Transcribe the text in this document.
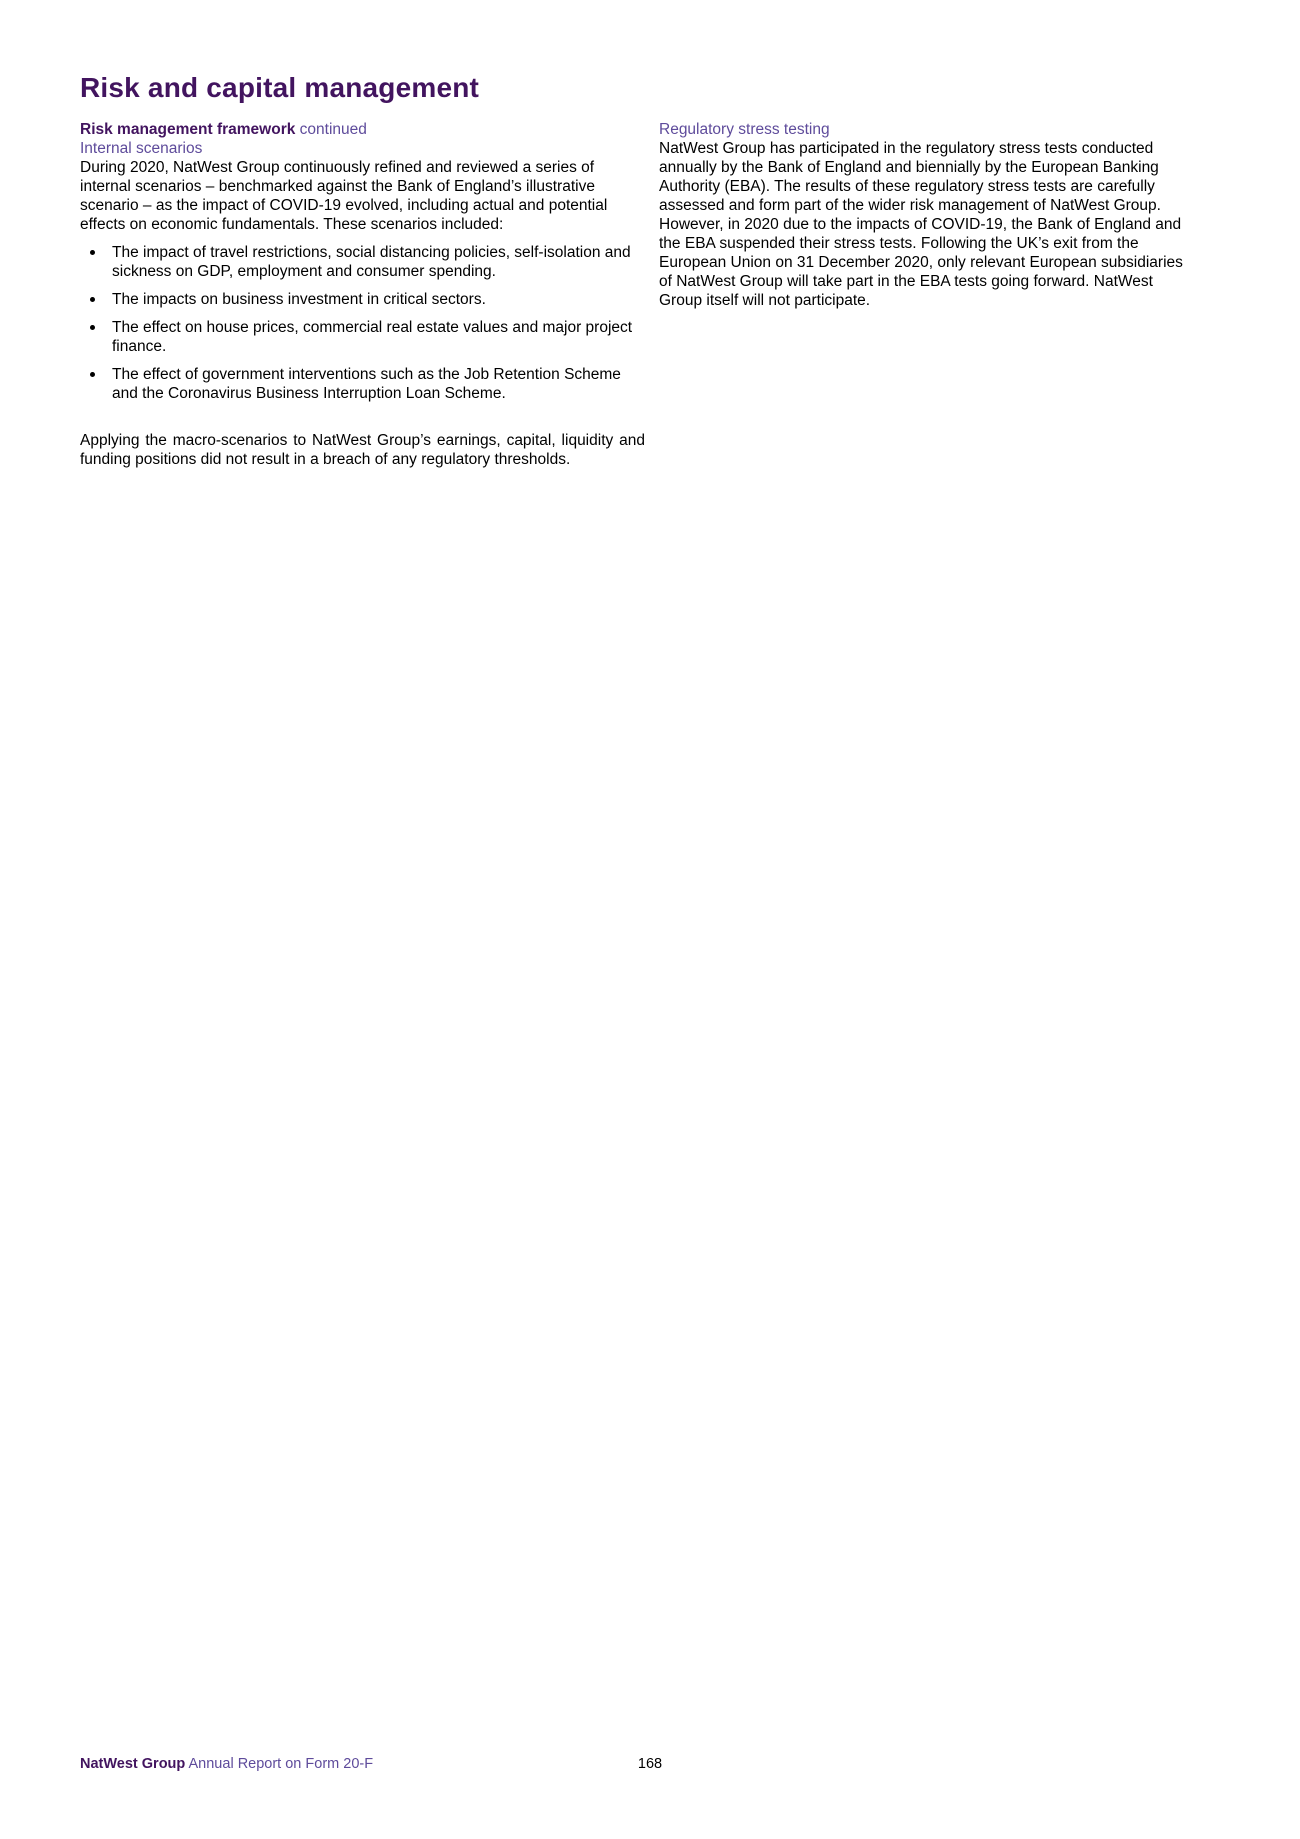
Risk and capital management

Risk management framework continued

Internal scenarios

During 2020, NatWest Group continuously refined and reviewed a series of internal scenarios – benchmarked against the Bank of England’s illustrative scenario – as the impact of COVID-19 evolved, including actual and potential effects on economic fundamentals. These scenarios included:

The impact of travel restrictions, social distancing policies, self-isolation and sickness on GDP, employment and consumer spending.
The impacts on business investment in critical sectors.
The effect on house prices, commercial real estate values and major project finance.
The effect of government interventions such as the Job Retention Scheme and the Coronavirus Business Interruption Loan Scheme.

Applying the macro-scenarios to NatWest Group’s earnings, capital, liquidity and funding positions did not result in a breach of any regulatory thresholds.

Regulatory stress testing

NatWest Group has participated in the regulatory stress tests conducted annually by the Bank of England and biennially by the European Banking Authority (EBA). The results of these regulatory stress tests are carefully assessed and form part of the wider risk management of NatWest Group. However, in 2020 due to the impacts of COVID-19, the Bank of England and the EBA suspended their stress tests. Following the UK’s exit from the European Union on 31 December 2020, only relevant European subsidiaries of NatWest Group will take part in the EBA tests going forward. NatWest Group itself will not participate.

168
NatWest Group Annual Report on Form 20-F
